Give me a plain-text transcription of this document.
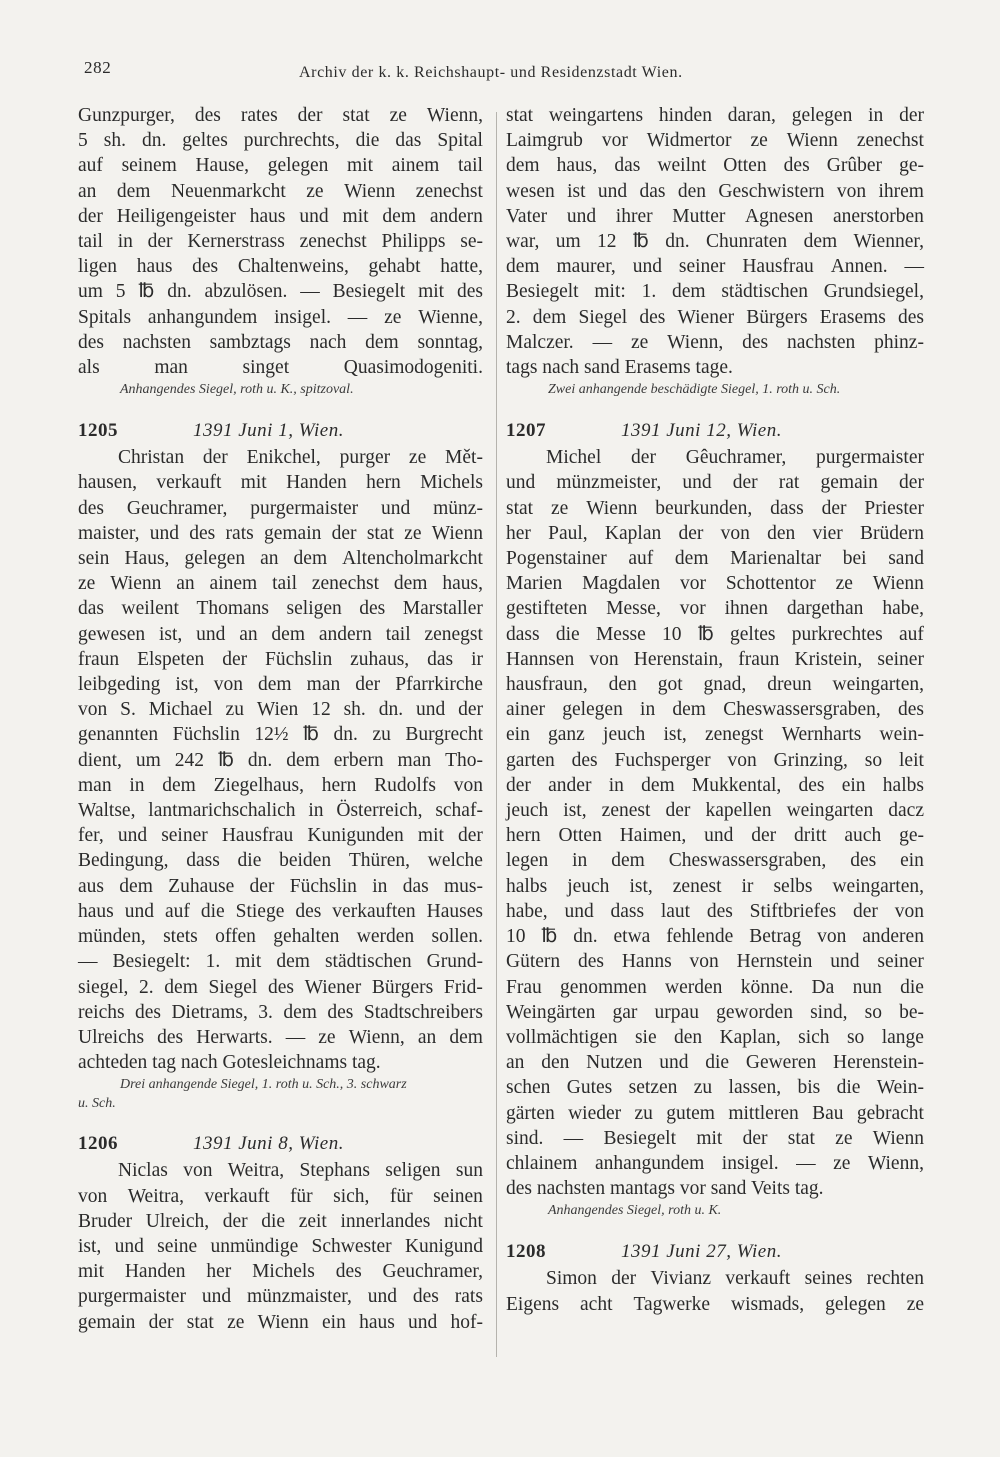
282	Archiv der k. k. Reichshaupt- und Residenzstadt Wien.
Gunzpurger, des rates der stat ze Wienn,
5 sh. dn. geltes purchrechts, die das Spital
auf seinem Hause, gelegen mit ainem tail
an dem Neuenmarkcht ze Wienn zenechst
der Heiligengeister haus und mit dem andern
tail in der Kernerstrass zenechst Philipps se-
ligen haus des Chaltenweins, gehabt hatte,
um 5 ℔ dn. abzulösen. — Besiegelt mit des
Spitals anhangundem insigel. — ze Wienne,
des nachsten sambztags nach dem sonntag,
als	man	singet	Quasimodogeniti.
Anhangendes Siegel, roth u. K., spitzoval.
1205	1391 Juni 1, Wien.
Christan der Enikchel, purger ze Mět-
hausen, verkauft mit Handen hern Michels
des Geuchramer, purgermaister und münz-
maister, und des rats gemain der stat ze Wienn
sein Haus, gelegen an dem Altencholmarkcht
ze Wienn an ainem tail zenechst dem haus,
das weilent Thomans seligen des Marstaller
gewesen ist, und an dem andern tail zenegst
fraun Elspeten der Füchslin zuhaus, das ir
leibgeding ist, von dem man der Pfarrkirche
von S. Michael zu Wien 12 sh. dn. und der
genannten Füchslin 12½ ℔ dn. zu Burgrecht
dient, um 242 ℔ dn. dem erbern man Tho-
man in dem Ziegelhaus, hern Rudolfs von
Waltse, lantmarichschalich in Österreich, schaf-
fer, und seiner Hausfrau Kunigunden mit der
Bedingung, dass die beiden Thüren, welche
aus dem Zuhause der Füchslin in das mus-
haus und auf die Stiege des verkauften Hauses
münden, stets offen gehalten werden sollen.
— Besiegelt: 1. mit dem städtischen Grund-
siegel, 2. dem Siegel des Wiener Bürgers Frid-
reichs des Dietrams, 3. dem des Stadtschreibers
Ulreichs des Herwarts. — ze Wienn, an dem
achteden tag nach Gotesleichnams tag.
Drei anhangende Siegel, 1. roth u. Sch., 3. schwarz
u. Sch.
1206	1391 Juni 8, Wien.
Niclas von Weitra, Stephans seligen sun
von Weitra, verkauft für sich, für seinen
Bruder Ulreich, der die zeit innerlandes nicht
ist, und seine unmündige Schwester Kunigund
mit Handen her Michels des Geuchramer,
purgermaister und münzmaister, und des rats
gemain der stat ze Wienn ein haus und hof-
stat weingartens hinden daran, gelegen in der
Laimgrub vor Widmertor ze Wienn zenechst
dem haus, das weilnt Otten des Grûber ge-
wesen ist und das den Geschwistern von ihrem
Vater und ihrer Mutter Agnesen anerstorben
war, um 12 ℔ dn. Chunraten dem Wienner,
dem maurer, und seiner Hausfrau Annen. —
Besiegelt mit: 1. dem städtischen Grundsiegel,
2. dem Siegel des Wiener Bürgers Erasems des
Malczer. — ze Wienn, des nachsten phinz-
tags nach sand Erasems tage.
Zwei anhangende beschädigte Siegel, 1. roth u. Sch.
1207	1391 Juni 12, Wien.
Michel der Gêuchramer, purgermaister
und münzmeister, und der rat gemain der
stat ze Wienn beurkunden, dass der Priester
her Paul, Kaplan der von den vier Brüdern
Pogenstainer auf dem Marienaltar bei sand
Marien Magdalen vor Schottentor ze Wienn
gestifteten Messe, vor ihnen dargethan habe,
dass die Messe 10 ℔ geltes purkrechtes auf
Hannsen von Herenstain, fraun Kristein, seiner
hausfraun, den got gnad, dreun weingarten,
ainer gelegen in dem Cheswassersgraben, des
ein ganz jeuch ist, zenegst Wernharts wein-
garten des Fuchsperger von Grinzing, so leit
der ander in dem Mukkental, des ein halbs
jeuch ist, zenest der kapellen weingarten dacz
hern Otten Haimen, und der dritt auch ge-
legen in dem Cheswassersgraben, des ein
halbs jeuch ist, zenest ir selbs weingarten,
habe, und dass laut des Stiftbriefes der von
10 ℔ dn. etwa fehlende Betrag von anderen
Gütern des Hanns von Hernstein und seiner
Frau genommen werden könne. Da nun die
Weingärten gar urpau geworden sind, so be-
vollmächtigen sie den Kaplan, sich so lange
an den Nutzen und die Geweren Herenstein-
schen Gutes setzen zu lassen, bis die Wein-
gärten wieder zu gutem mittleren Bau gebracht
sind. — Besiegelt mit der stat ze Wienn
chlainem anhangundem insigel. — ze Wienn,
des nachsten mantags vor sand Veits tag.
Anhangendes Siegel, roth u. K.
1208	1391 Juni 27, Wien.
Simon der Vivianz verkauft seines rechten
Eigens acht Tagwerke wismads, gelegen ze
